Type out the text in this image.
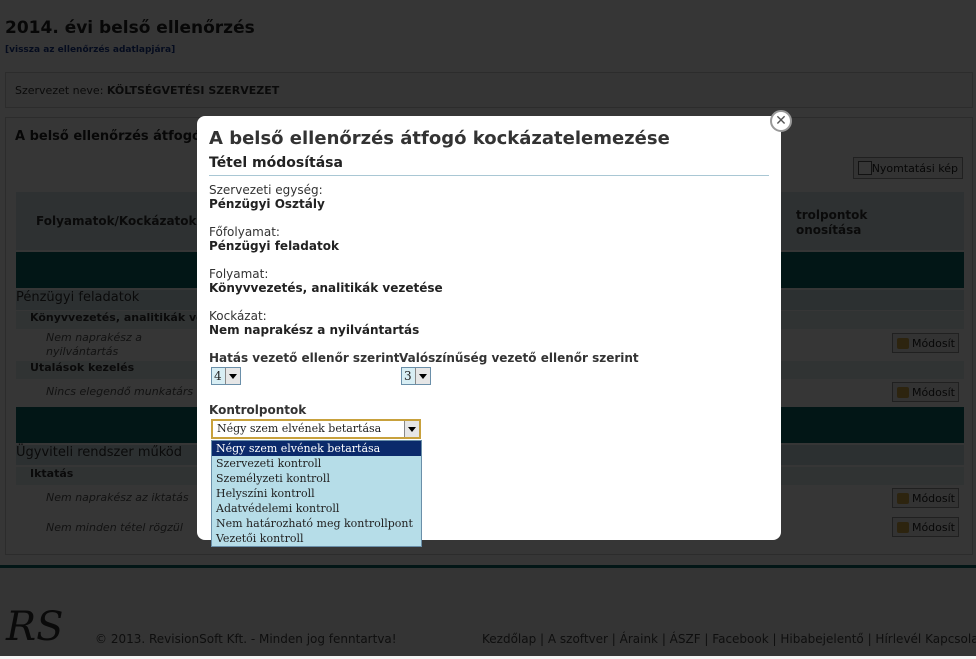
A belső ellenőrzés átfogó kockázatelemezése
Tétel módosítása
Szervezeti egység:
Pénzügyi Osztály
Főfolyamat:
Pénzügyi feladatok
Folyamat:
Könyvvezetés, analitikák vezetése
Kockázat:
Nem naprakész a nyilvántartás
Hatás vezető ellenőr szerint
4
Valószínűség vezető ellenőr szerint
3
Kontrolpontok
Négy szem elvének betartása
Négy szem elvének betartása
Szervezeti kontroll
Személyzeti kontroll
Helyszíni kontroll
Adatvédelemi kontroll
Nem határozható meg kontrollpont
Vezetői kontroll
✕
